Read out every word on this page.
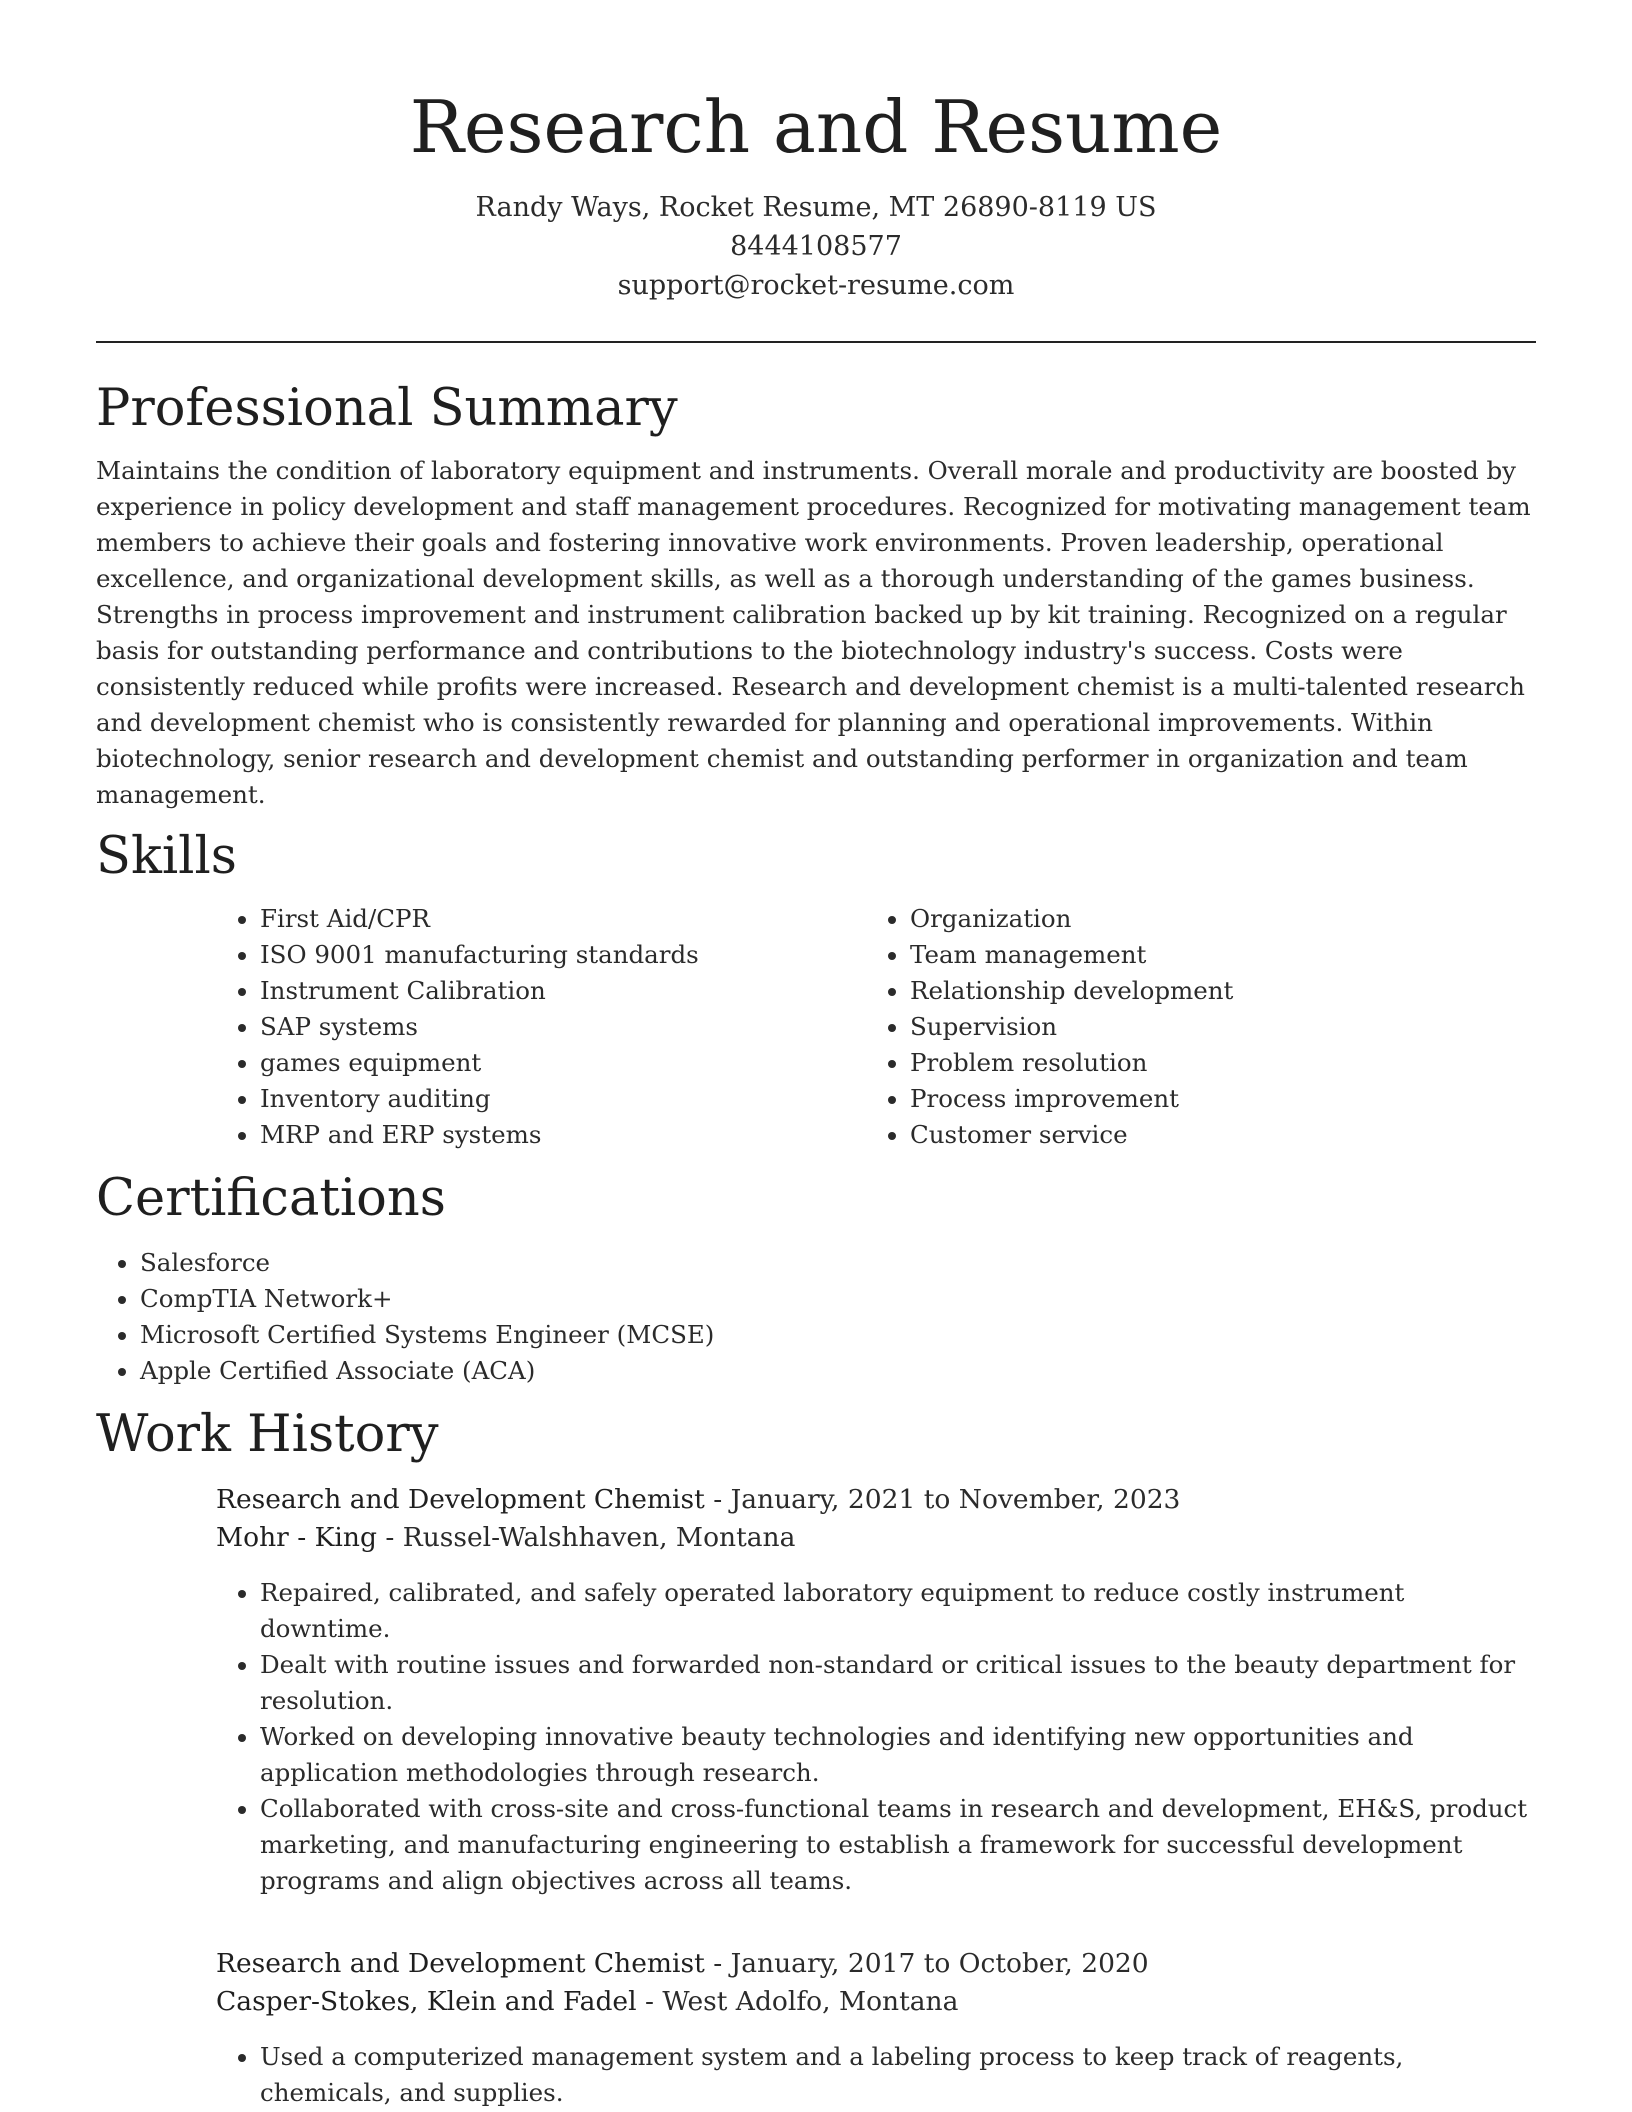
Research and Resume
Randy Ways, Rocket Resume, MT 26890-8119 US
8444108577
support@rocket-resume.com
Professional Summary

Maintains the condition of laboratory equipment and instruments. Overall morale and productivity are boosted by experience in policy development and staff management procedures. Recognized for motivating management team members to achieve their goals and fostering innovative work environments. Proven leadership, operational excellence, and organizational development skills, as well as a thorough understanding of the games business. Strengths in process improvement and instrument calibration backed up by kit training. Recognized on a regular basis for outstanding performance and contributions to the biotechnology industry's success. Costs were consistently reduced while profits were increased. Research and development chemist is a multi-talented research and development chemist who is consistently rewarded for planning and operational improvements. Within biotechnology, senior research and development chemist and outstanding performer in organization and team management.

Skills
• First Aid/CPR
• ISO 9001 manufacturing standards
• Instrument Calibration
• SAP systems
• games equipment
• Inventory auditing
• MRP and ERP systems
• Organization
• Team management
• Relationship development
• Supervision
• Problem resolution
• Process improvement
• Customer service
Certifications
• Salesforce
• CompTIA Network+
• Microsoft Certified Systems Engineer (MCSE)
• Apple Certified Associate (ACA)
Work History
Research and Development Chemist - January, 2021 to November, 2023
Mohr - King - Russel-Walshhaven, Montana
• Repaired, calibrated, and safely operated laboratory equipment to reduce costly instrument downtime.
• Dealt with routine issues and forwarded non-standard or critical issues to the beauty department for resolution.
• Worked on developing innovative beauty technologies and identifying new opportunities and application methodologies through research.
• Collaborated with cross-site and cross-functional teams in research and development, EH&S, product marketing, and manufacturing engineering to establish a framework for successful development programs and align objectives across all teams.
Research and Development Chemist - January, 2017 to October, 2020
Casper-Stokes, Klein and Fadel - West Adolfo, Montana
• Used a computerized management system and a labeling process to keep track of reagents, chemicals, and supplies.
